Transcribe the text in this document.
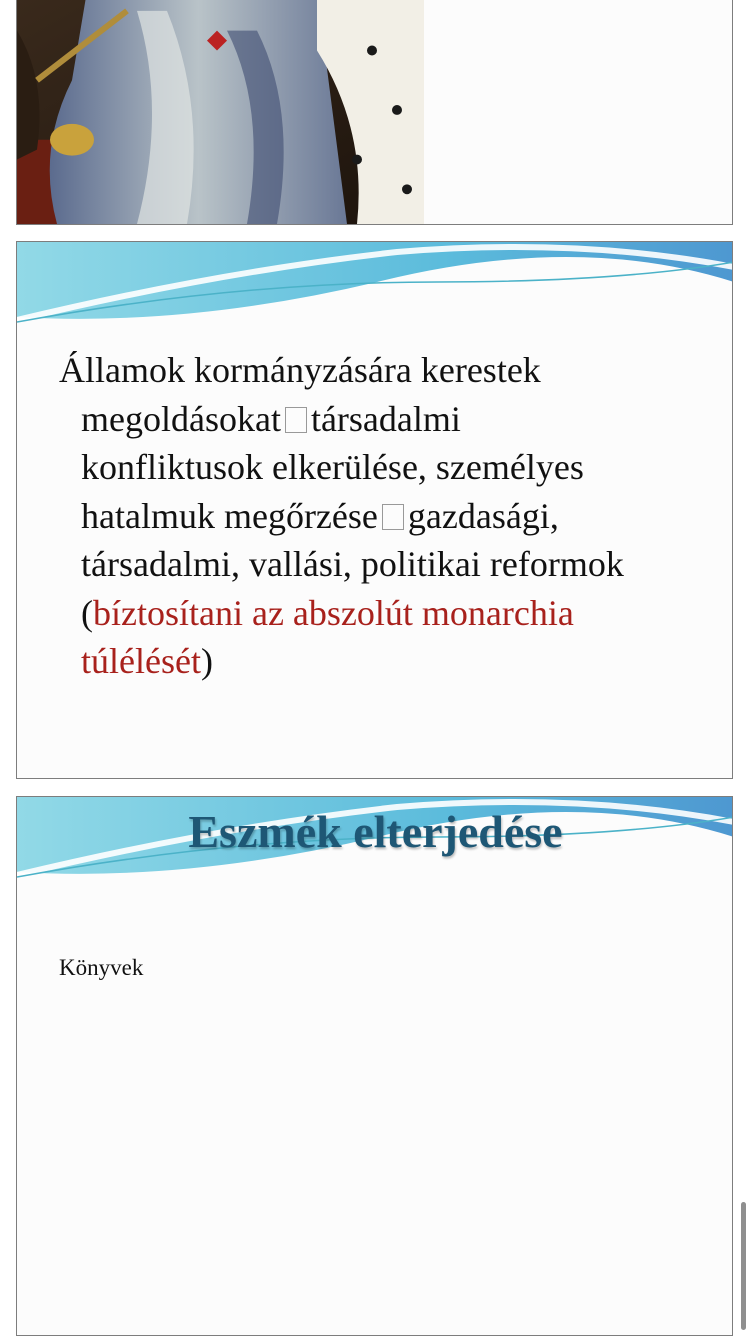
Államok kormányzására kerestek
megoldásokat társadalmi
konfliktusok elkerülése, személyes
hatalmuk megőrzése gazdasági,
társadalmi, vallási, politikai reformok
(bíztosítani az abszolút monarchia
túlélését)
Eszmék elterjedése
Könyvek
